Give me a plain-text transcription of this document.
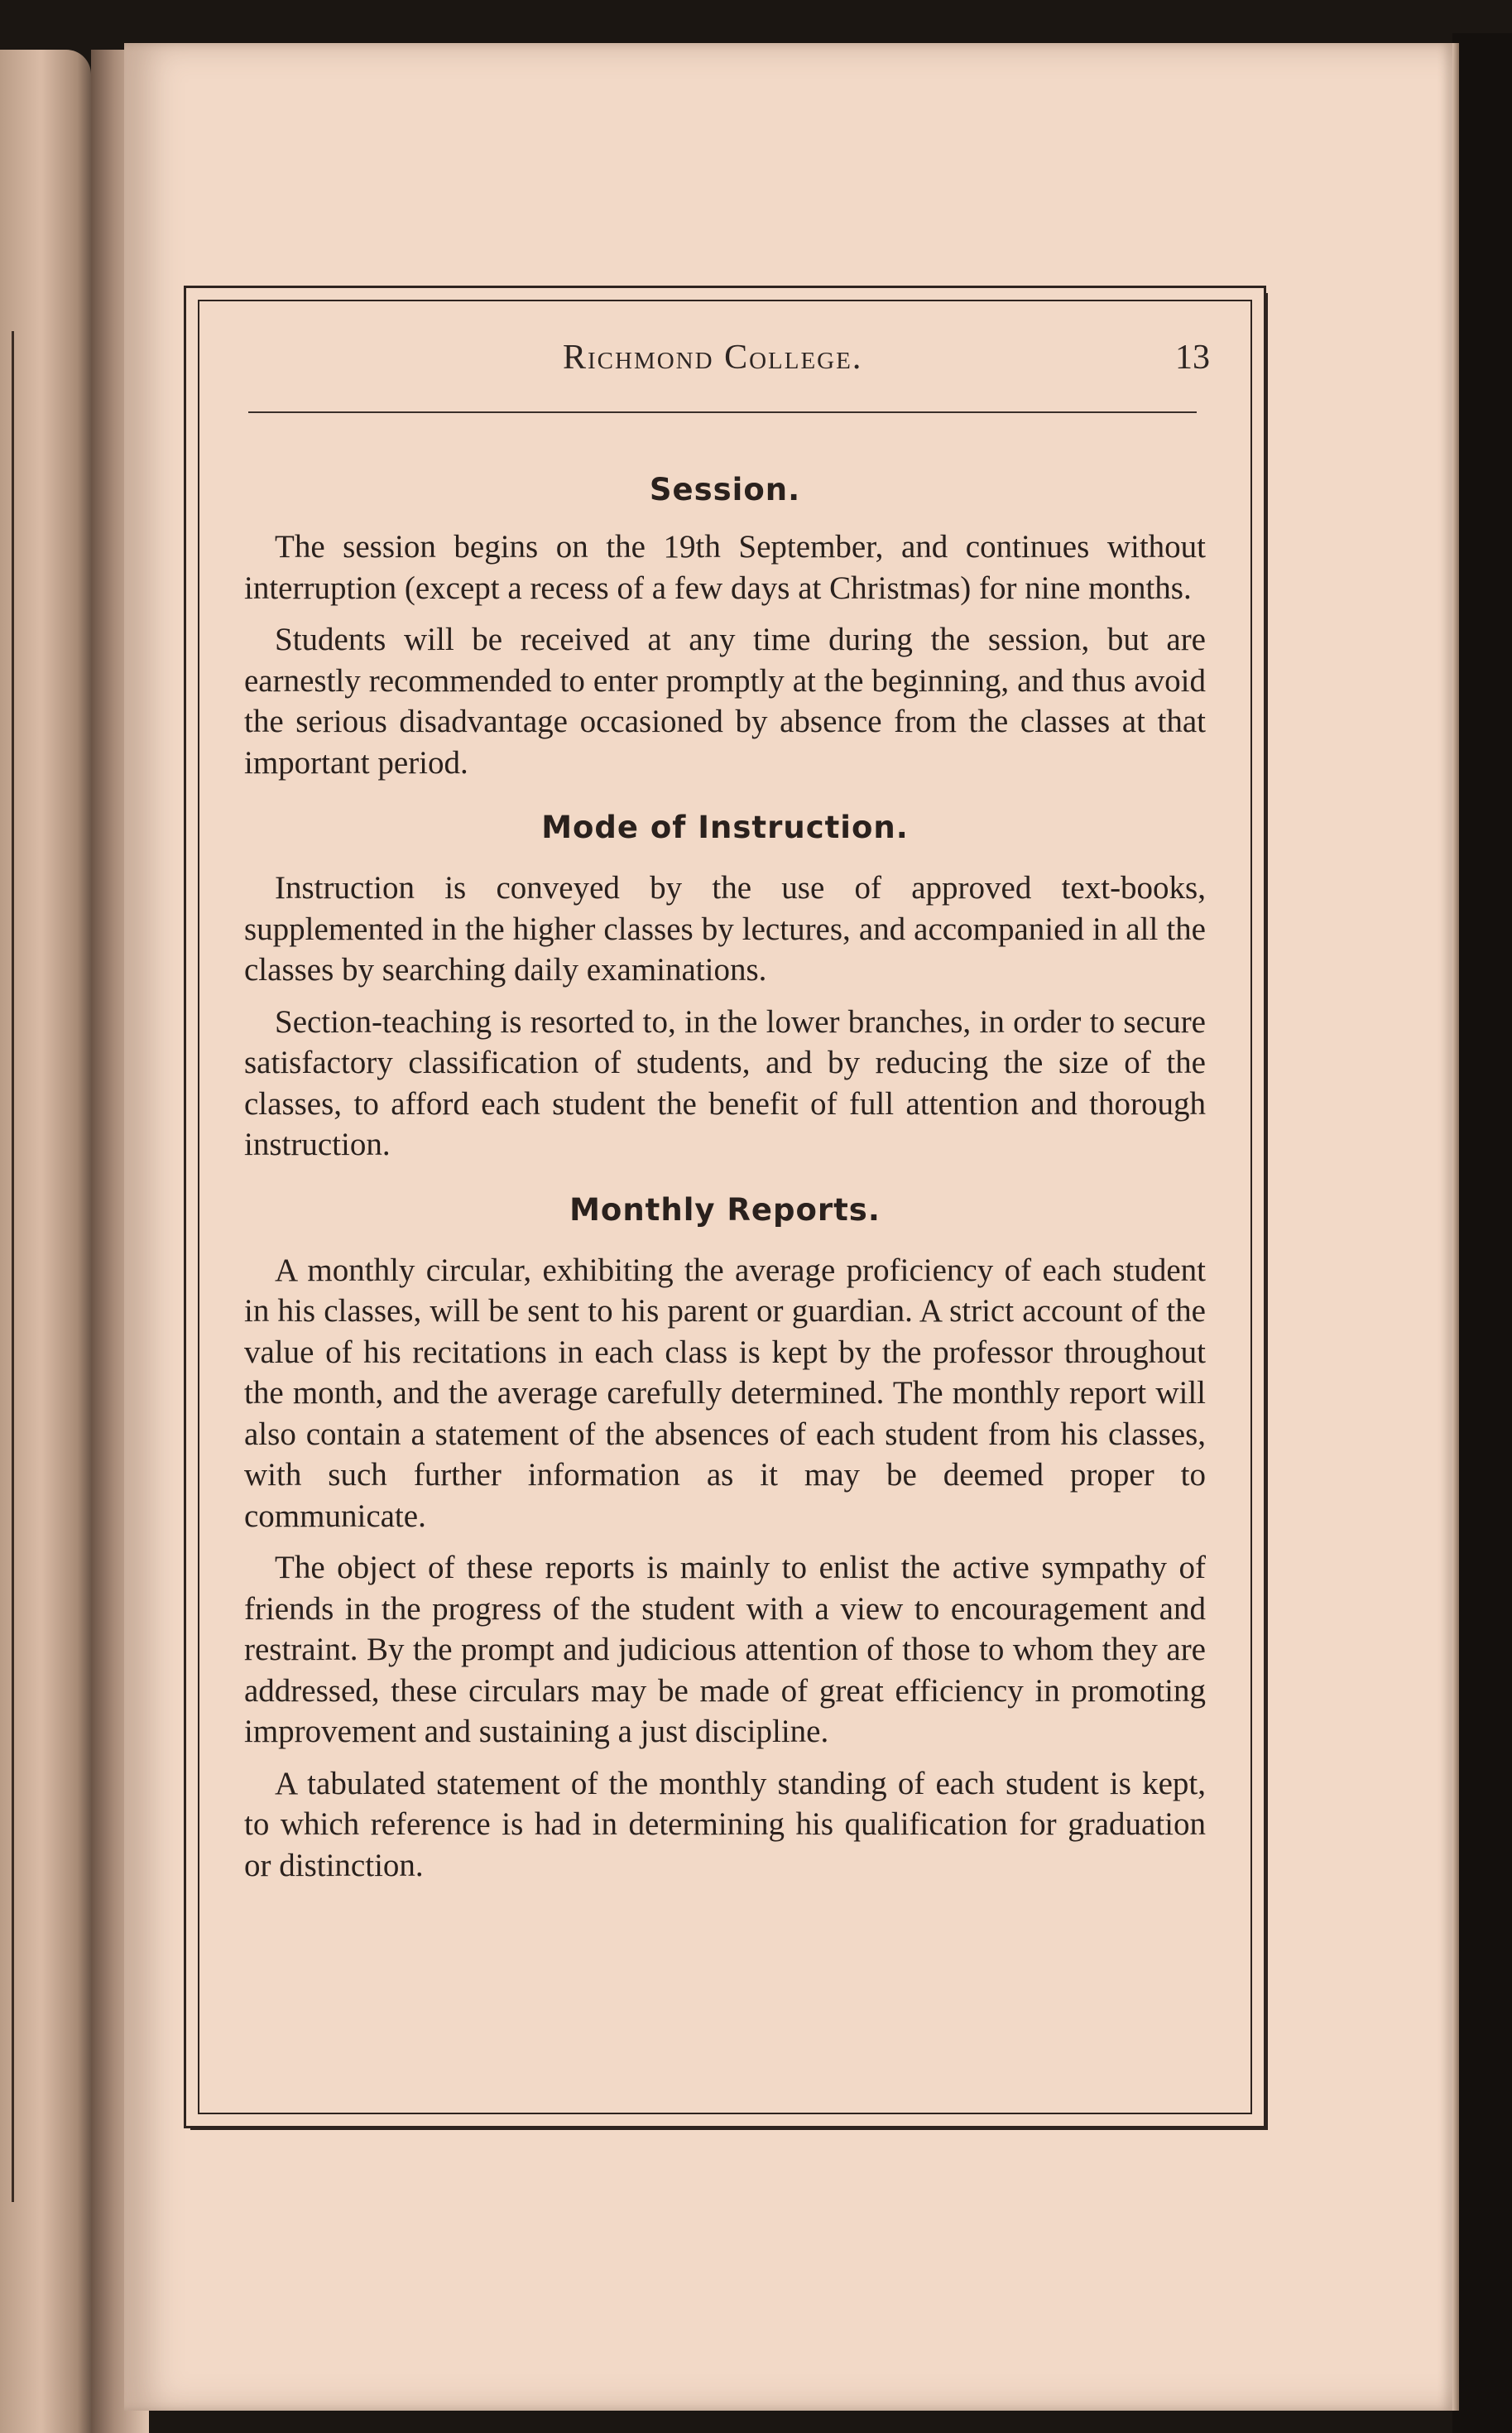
Richmond College.	13
Session.

The session begins on the 19th September, and continues without interruption (except a recess of a few days at Christmas) for nine months.

Students will be received at any time during the session, but are earnestly recommended to enter promptly at the beginning, and thus avoid the serious disadvantage occasioned by absence from the classes at that important period.

Mode of Instruction.

Instruction is conveyed by the use of approved text-books, supplemented in the higher classes by lectures, and accompanied in all the classes by searching daily examinations.

Section-teaching is resorted to, in the lower branches, in order to secure satisfactory classification of students, and by reducing the size of the classes, to afford each student the benefit of full attention and thorough instruction.

Monthly Reports.

A monthly circular, exhibiting the average proficiency of each student in his classes, will be sent to his parent or guardian. A strict account of the value of his recitations in each class is kept by the professor throughout the month, and the average carefully determined. The monthly report will also contain a statement of the absences of each student from his classes, with such further information as it may be deemed proper to communicate.

The object of these reports is mainly to enlist the active sympathy of friends in the progress of the student with a view to encouragement and restraint. By the prompt and judicious attention of those to whom they are addressed, these circulars may be made of great efficiency in promoting improvement and sustaining a just discipline.

A tabulated statement of the monthly standing of each student is kept, to which reference is had in determining his qualification for graduation or distinction.
